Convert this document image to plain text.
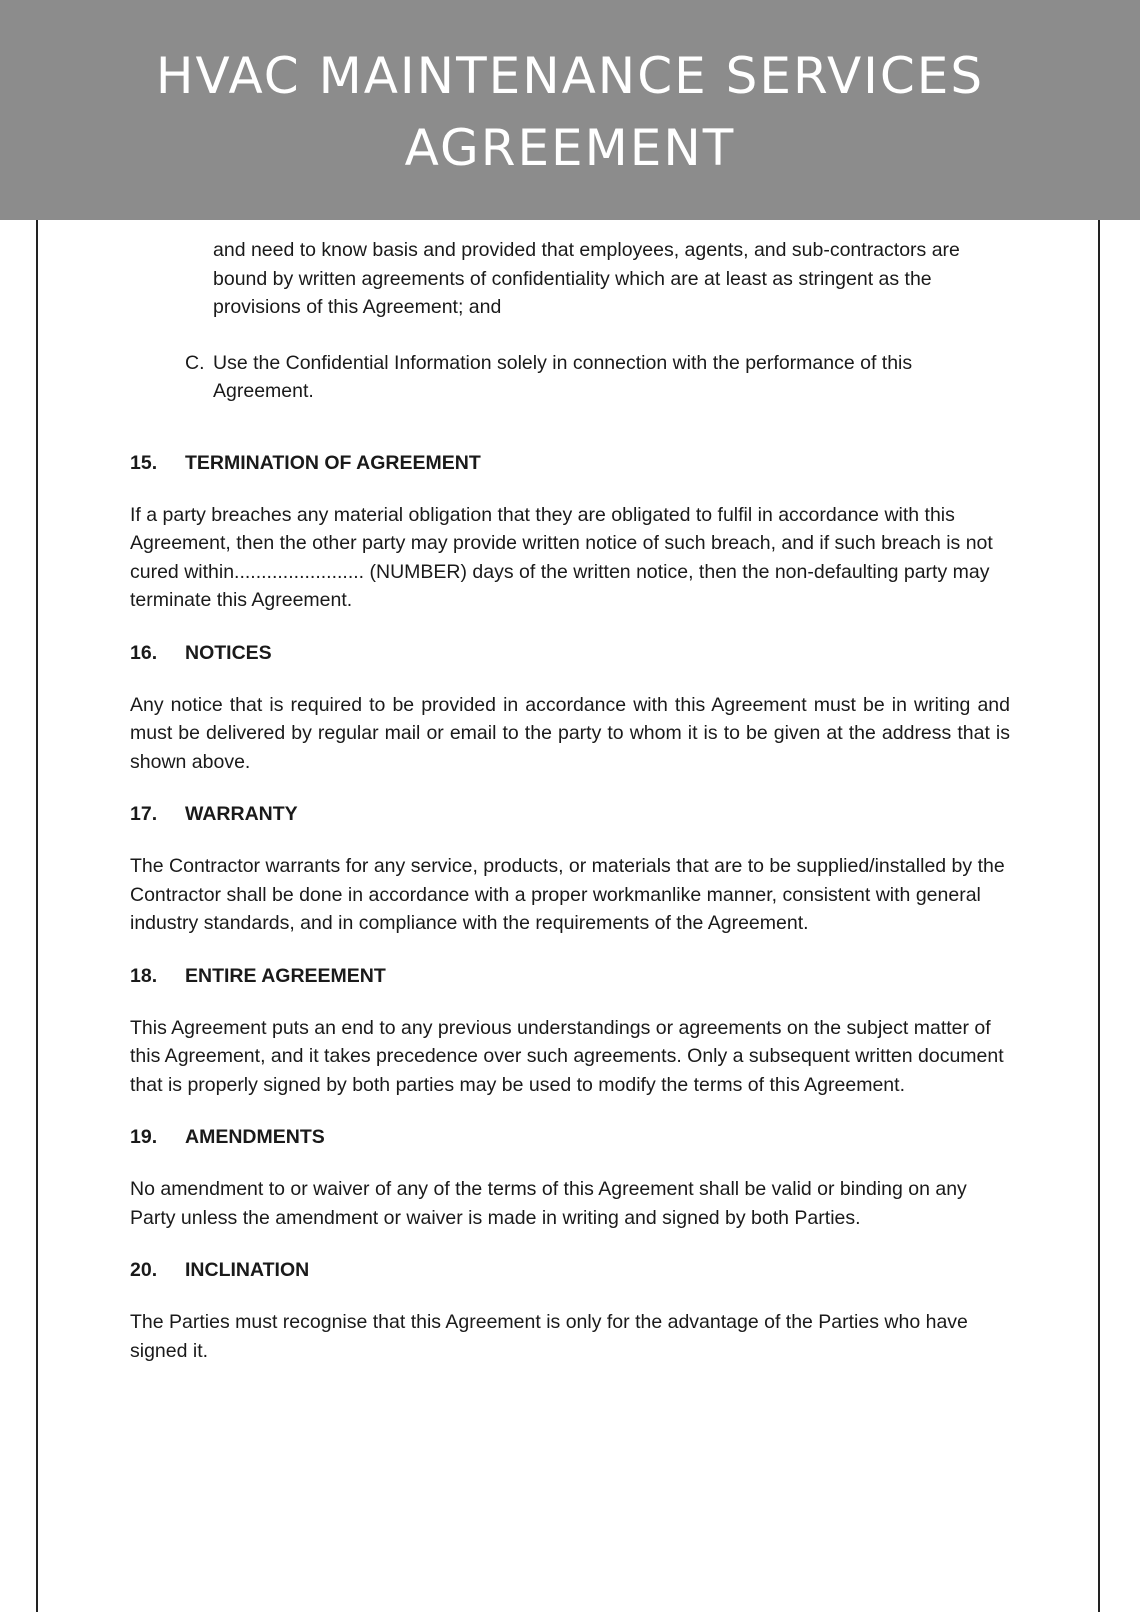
HVAC MAINTENANCE SERVICES
AGREEMENT

and need to know basis and provided that employees, agents, and sub-contractors are bound by written agreements of confidentiality which are at least as stringent as the provisions of this Agreement; and

C. Use the Confidential Information solely in connection with the performance of this Agreement.
15.	TERMINATION OF AGREEMENT

If a party breaches any material obligation that they are obligated to fulfil in accordance with this Agreement, then the other party may provide written notice of such breach, and if such breach is not cured within........................ (NUMBER) days of the written notice, then the non-defaulting party may terminate this Agreement.

16.	NOTICES

Any notice that is required to be provided in accordance with this Agreement must be in writing and must be delivered by regular mail or email to the party to whom it is to be given at the address that is shown above.

17.	WARRANTY

The Contractor warrants for any service, products, or materials that are to be supplied/installed by the Contractor shall be done in accordance with a proper workmanlike manner, consistent with general industry standards, and in compliance with the requirements of the Agreement.

18.	ENTIRE AGREEMENT

This Agreement puts an end to any previous understandings or agreements on the subject matter of this Agreement, and it takes precedence over such agreements. Only a subsequent written document that is properly signed by both parties may be used to modify the terms of this Agreement.

19.	AMENDMENTS

No amendment to or waiver of any of the terms of this Agreement shall be valid or binding on any Party unless the amendment or waiver is made in writing and signed by both Parties.

20.	INCLINATION

The Parties must recognise that this Agreement is only for the advantage of the Parties who have signed it.
